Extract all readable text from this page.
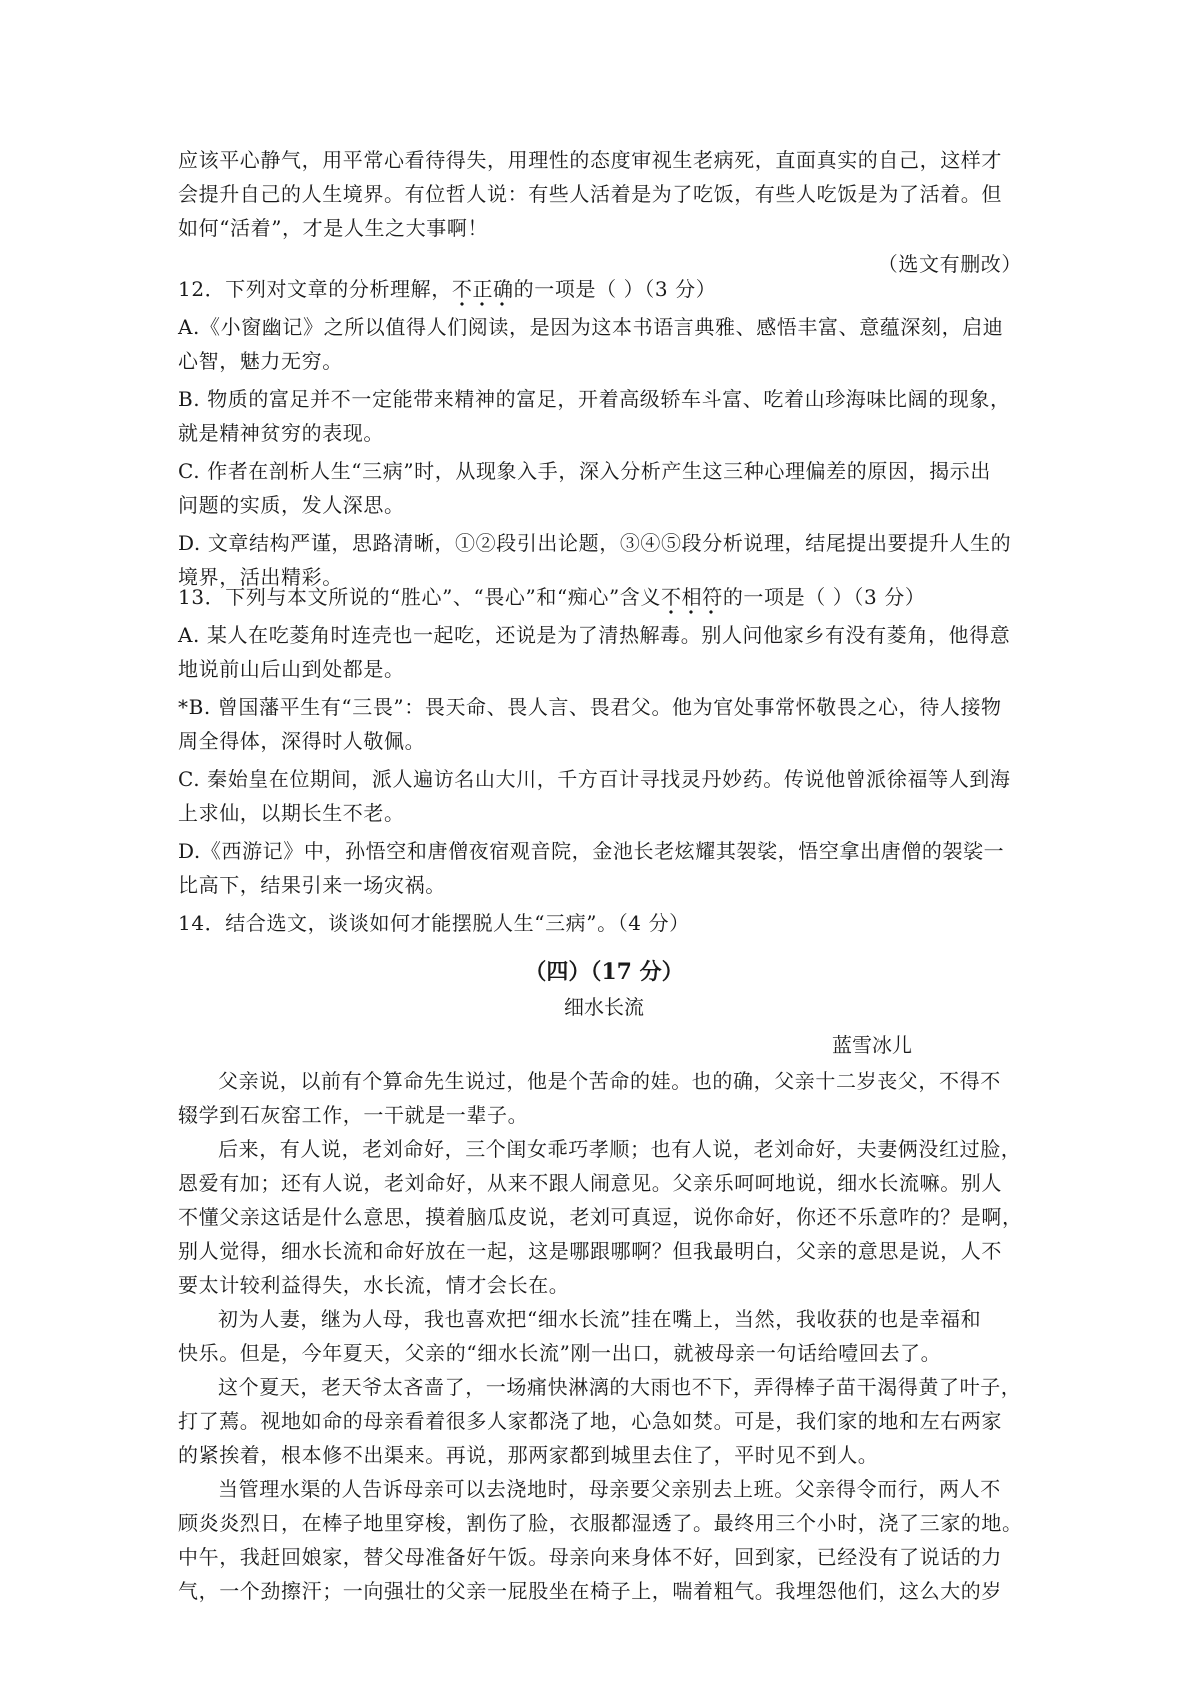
应该平心静气，用平常心看待得失，用理性的态度审视生老病死，直面真实的自己，这样才
会提升自己的人生境界。有位哲人说：有些人活着是为了吃饭，有些人吃饭是为了活着。但
如何“活着”，才是人生之大事啊！
（选文有删改）
12．下列对文章的分析理解，不正确的一项是（ ）（3 分）
A.《小窗幽记》之所以值得人们阅读，是因为这本书语言典雅、感悟丰富、意蕴深刻，启迪
心智，魅力无穷。
B. 物质的富足并不一定能带来精神的富足，开着高级轿车斗富、吃着山珍海味比阔的现象，
就是精神贫穷的表现。
C. 作者在剖析人生“三病”时，从现象入手，深入分析产生这三种心理偏差的原因，揭示出
问题的实质，发人深思。
D. 文章结构严谨，思路清晰，①②段引出论题，③④⑤段分析说理，结尾提出要提升人生的
境界，活出精彩。
13．下列与本文所说的“胜心”、“畏心”和“痴心”含义不相符的一项是（ ）（3 分）
A. 某人在吃菱角时连壳也一起吃，还说是为了清热解毒。别人问他家乡有没有菱角，他得意
地说前山后山到处都是。
*B. 曾国藩平生有“三畏”：畏天命、畏人言、畏君父。他为官处事常怀敬畏之心，待人接物
周全得体，深得时人敬佩。
C. 秦始皇在位期间，派人遍访名山大川，千方百计寻找灵丹妙药。传说他曾派徐福等人到海
上求仙，以期长生不老。
D.《西游记》中，孙悟空和唐僧夜宿观音院，金池长老炫耀其袈裟，悟空拿出唐僧的袈裟一
比高下，结果引来一场灾祸。
14．结合选文，谈谈如何才能摆脱人生“三病”。（4 分）
（四）（17 分）
细水长流
蓝雪冰儿
父亲说，以前有个算命先生说过，他是个苦命的娃。也的确，父亲十二岁丧父，不得不
辍学到石灰窑工作，一干就是一辈子。
后来，有人说，老刘命好，三个闺女乖巧孝顺；也有人说，老刘命好，夫妻俩没红过脸，
恩爱有加；还有人说，老刘命好，从来不跟人闹意见。父亲乐呵呵地说，细水长流嘛。别人
不懂父亲这话是什么意思，摸着脑瓜皮说，老刘可真逗，说你命好，你还不乐意咋的？是啊，
别人觉得，细水长流和命好放在一起，这是哪跟哪啊？但我最明白，父亲的意思是说，人不
要太计较利益得失，水长流，情才会长在。
初为人妻，继为人母，我也喜欢把“细水长流”挂在嘴上，当然，我收获的也是幸福和
快乐。但是，今年夏天，父亲的“细水长流”刚一出口，就被母亲一句话给噎回去了。
这个夏天，老天爷太吝啬了，一场痛快淋漓的大雨也不下，弄得棒子苗干渴得黄了叶子，
打了蔫。视地如命的母亲看着很多人家都浇了地，心急如焚。可是，我们家的地和左右两家
的紧挨着，根本修不出渠来。再说，那两家都到城里去住了，平时见不到人。
当管理水渠的人告诉母亲可以去浇地时，母亲要父亲别去上班。父亲得令而行，两人不
顾炎炎烈日，在棒子地里穿梭，割伤了脸，衣服都湿透了。最终用三个小时，浇了三家的地。
中午，我赶回娘家，替父母准备好午饭。母亲向来身体不好，回到家，已经没有了说话的力
气，一个劲擦汗；一向强壮的父亲一屁股坐在椅子上，喘着粗气。我埋怨他们，这么大的岁
